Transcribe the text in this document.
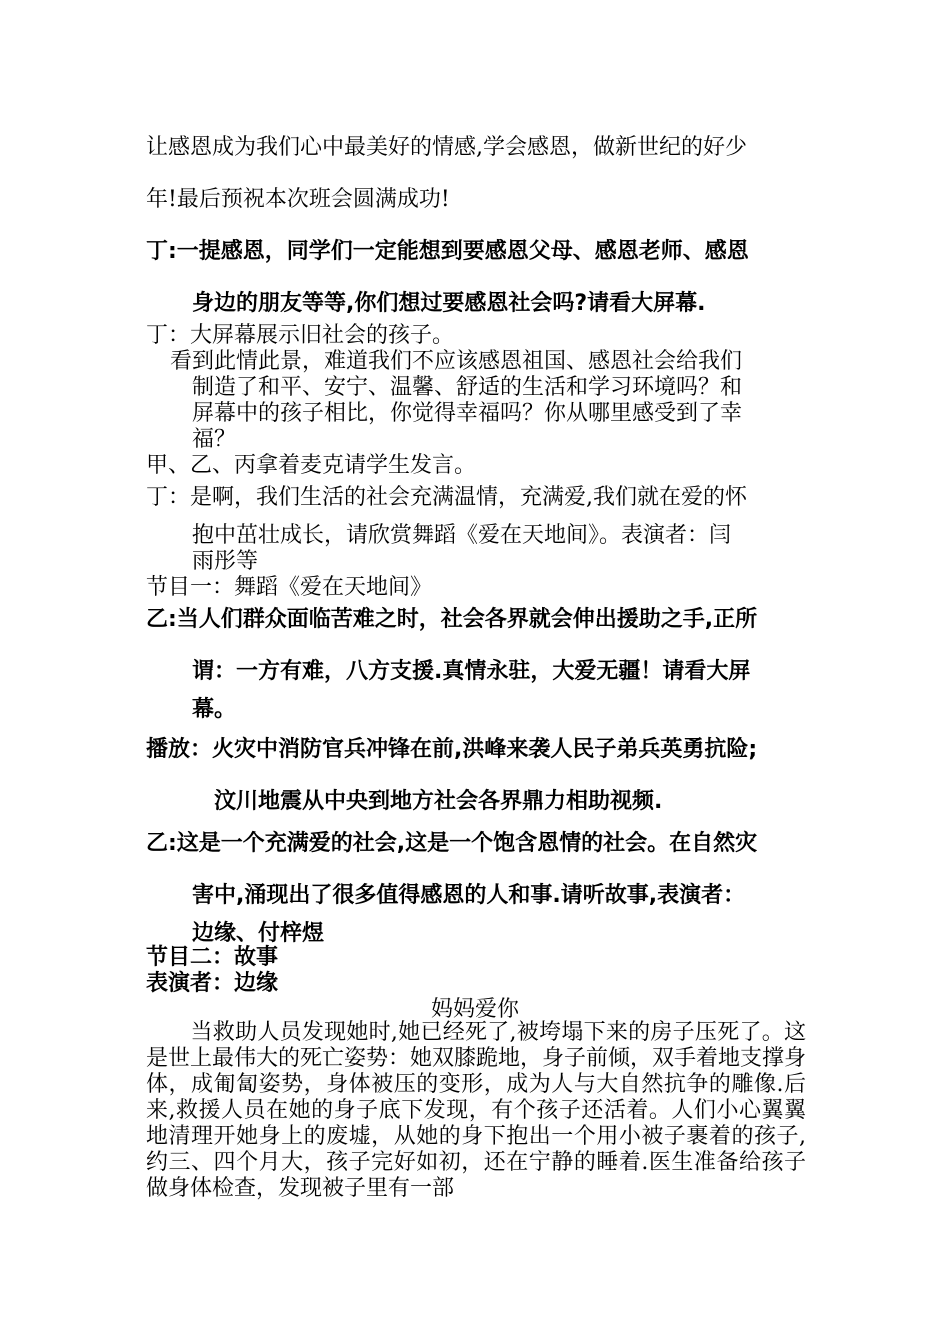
让感恩成为我们心中最美好的情感,学会感恩，做新世纪的好少
年!最后预祝本次班会圆满成功!
丁:一提感恩，同学们一定能想到要感恩父母、感恩老师、感恩
身边的朋友等等,你们想过要感恩社会吗?请看大屏幕.
丁：大屏幕展示旧社会的孩子。
看到此情此景，难道我们不应该感恩祖国、感恩社会给我们
制造了和平、安宁、温馨、舒适的生活和学习环境吗？和
屏幕中的孩子相比，你觉得幸福吗？你从哪里感受到了幸
福？
甲、乙、丙拿着麦克请学生发言。
丁：是啊，我们生活的社会充满温情，充满爱,我们就在爱的怀
抱中茁壮成长，请欣赏舞蹈《爱在天地间》。表演者：闫
雨彤等
节目一：舞蹈《爱在天地间》
乙:当人们群众面临苦难之时，社会各界就会伸出援助之手,正所
谓：一方有难，八方支援.真情永驻，大爱无疆！请看大屏
幕。
播放：火灾中消防官兵冲锋在前,洪峰来袭人民子弟兵英勇抗险;
汶川地震从中央到地方社会各界鼎力相助视频.
乙:这是一个充满爱的社会,这是一个饱含恩情的社会。在自然灾
害中,涌现出了很多值得感恩的人和事.请听故事,表演者：
边缘、付梓煜
节目二：故事
表演者：边缘
妈妈爱你
　　当救助人员发现她时,她已经死了,被垮塌下来的房子压死了。这是世上最伟大的死亡姿势：她双膝跪地，身子前倾，双手着地支撑身体，成匍匐姿势，身体被压的变形，成为人与大自然抗争的雕像.后来,救援人员在她的身子底下发现，有个孩子还活着。人们小心翼翼地清理开她身上的废墟，从她的身下抱出一个用小被子裹着的孩子,约三、四个月大，孩子完好如初，还在宁静的睡着.医生准备给孩子做身体检查，发现被子里有一部
